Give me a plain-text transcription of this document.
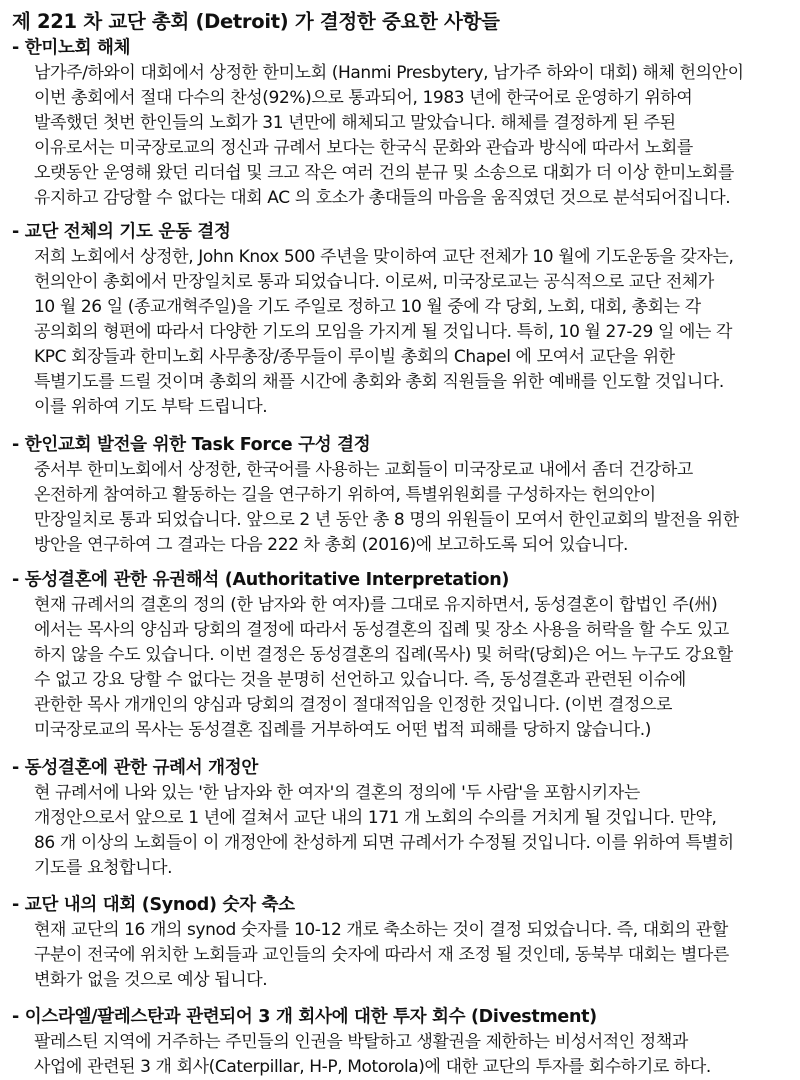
제 221 차 교단 총회 (Detroit) 가 결정한 중요한 사항들
- 한미노회 해체
남가주/하와이 대회에서 상정한 한미노회 (Hanmi Presbytery, 남가주 하와이 대회) 해체 헌의안이
이번 총회에서 절대 다수의 찬성(92%)으로 통과되어, 1983 년에 한국어로 운영하기 위하여
발족했던 첫번 한인들의 노회가 31 년만에 해체되고 말았습니다. 해체를 결정하게 된 주된
이유로서는 미국장로교의 정신과 규례서 보다는 한국식 문화와 관습과 방식에 따라서 노회를
오랫동안 운영해 왔던 리더쉽 및 크고 작은 여러 건의 분규 및 소송으로 대회가 더 이상 한미노회를
유지하고 감당할 수 없다는 대회 AC 의 호소가 총대들의 마음을 움직였던 것으로 분석되어집니다.
- 교단 전체의 기도 운동 결정
저희 노회에서 상정한, John Knox 500 주년을 맞이하여 교단 전체가 10 월에 기도운동을 갖자는,
헌의안이 총회에서 만장일치로 통과 되었습니다. 이로써, 미국장로교는 공식적으로 교단 전체가
10 월 26 일 (종교개혁주일)을 기도 주일로 정하고 10 월 중에 각 당회, 노회, 대회, 총회는 각
공의회의 형편에 따라서 다양한 기도의 모임을 가지게 될 것입니다. 특히, 10 월 27-29 일 에는 각
KPC 회장들과 한미노회 사무총장/종무들이 루이빌 총회의 Chapel 에 모여서 교단을 위한
특별기도를 드릴 것이며 총회의 채플 시간에 총회와 총회 직원들을 위한 예배를 인도할 것입니다.
이를 위하여 기도 부탁 드립니다.
- 한인교회 발전을 위한 Task Force 구성 결정
중서부 한미노회에서 상정한, 한국어를 사용하는 교회들이 미국장로교 내에서 좀더 건강하고
온전하게 참여하고 활동하는 길을 연구하기 위하여, 특별위원회를 구성하자는 헌의안이
만장일치로 통과 되었습니다. 앞으로 2 년 동안 총 8 명의 위원들이 모여서 한인교회의 발전을 위한
방안을 연구하여 그 결과는 다음 222 차 총회 (2016)에 보고하도록 되어 있습니다.
- 동성결혼에 관한 유권해석 (Authoritative Interpretation)
현재 규례서의 결혼의 정의 (한 남자와 한 여자)를 그대로 유지하면서, 동성결혼이 합법인 주(州)
에서는 목사의 양심과 당회의 결정에 따라서 동성결혼의 집례 및 장소 사용을 허락을 할 수도 있고
하지 않을 수도 있습니다. 이번 결정은 동성결혼의 집례(목사) 및 허락(당회)은 어느 누구도 강요할
수 없고 강요 당할 수 없다는 것을 분명히 선언하고 있습니다. 즉, 동성결혼과 관련된 이슈에
관한한 목사 개개인의 양심과 당회의 결정이 절대적임을 인정한 것입니다. (이번 결정으로
미국장로교의 목사는 동성결혼 집례를 거부하여도 어떤 법적 피해를 당하지 않습니다.)
- 동성결혼에 관한 규례서 개정안
현 규례서에 나와 있는 '한 남자와 한 여자'의 결혼의 정의에 '두 사람'을 포함시키자는
개정안으로서 앞으로 1 년에 걸쳐서 교단 내의 171 개 노회의 수의를 거치게 될 것입니다. 만약,
86 개 이상의 노회들이 이 개정안에 찬성하게 되면 규례서가 수정될 것입니다. 이를 위하여 특별히
기도를 요청합니다.
- 교단 내의 대회 (Synod) 숫자 축소
현재 교단의 16 개의 synod 숫자를 10-12 개로 축소하는 것이 결정 되었습니다. 즉, 대회의 관할
구분이 전국에 위치한 노회들과 교인들의 숫자에 따라서 재 조정 될 것인데, 동북부 대회는 별다른
변화가 없을 것으로 예상 됩니다.
- 이스라엘/팔레스탄과 관련되어 3 개 회사에 대한 투자 회수 (Divestment)
팔레스틴 지역에 거주하는 주민들의 인권을 박탈하고 생활권을 제한하는 비성서적인 정책과
사업에 관련된 3 개 회사(Caterpillar, H-P, Motorola)에 대한 교단의 투자를 회수하기로 하다.
